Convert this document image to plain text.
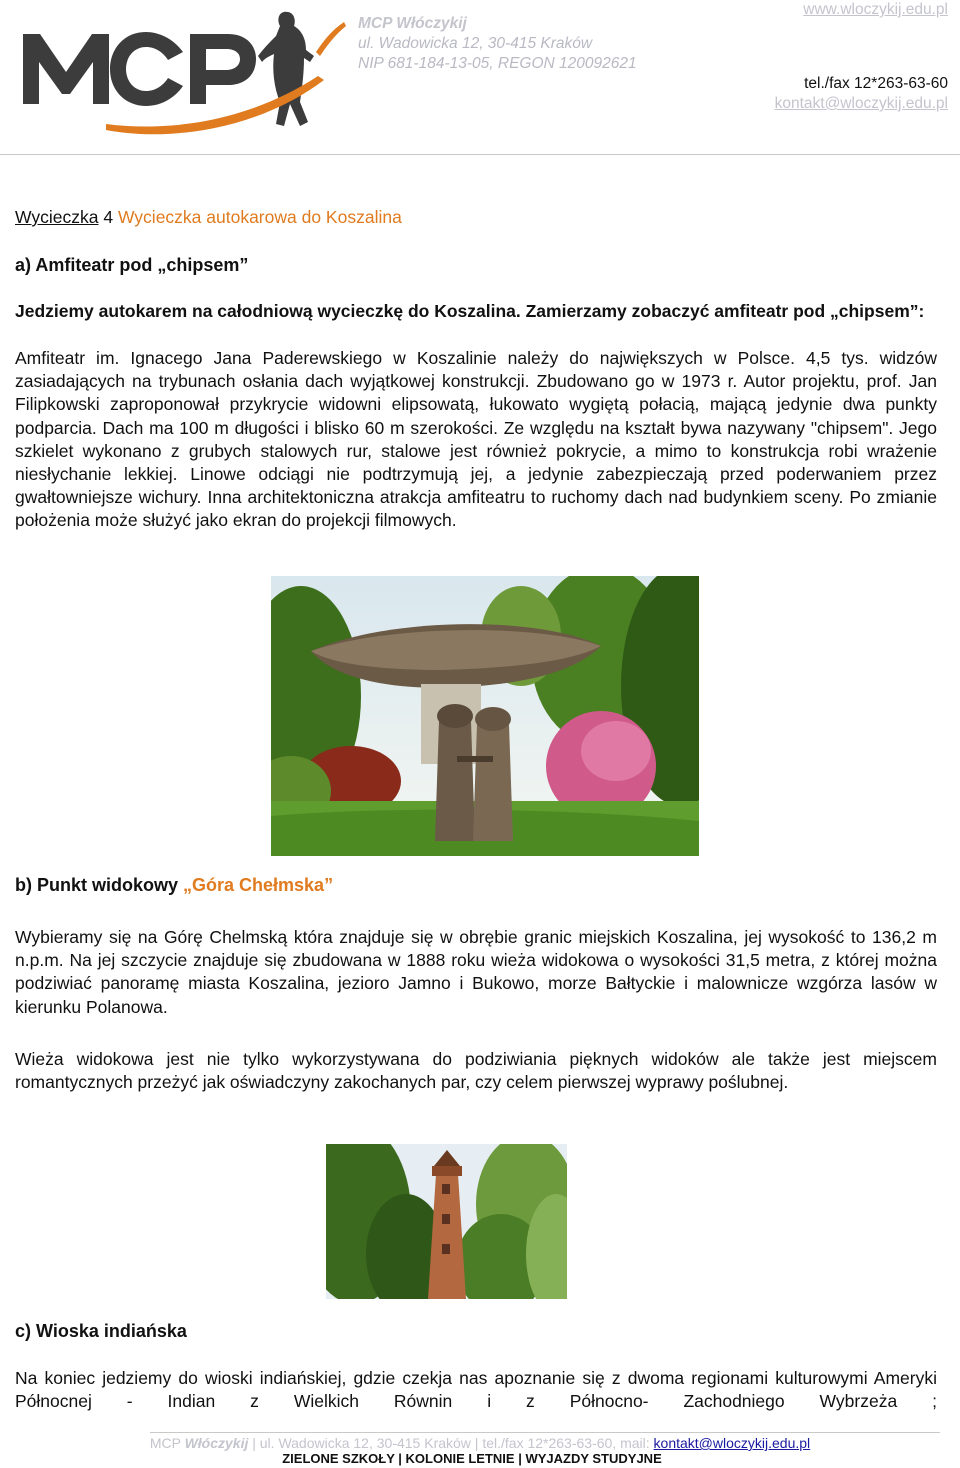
MCP Włóczykij
ul. Wadowicka 12, 30-415 Kraków
NIP 681-184-13-05, REGON 120092621
www.wloczykij.edu.pl
tel./fax 12*263-63-60
kontakt@wloczykij.edu.pl
Wycieczka 4 Wycieczka autokarowa do Koszalina
a) Amfiteatr pod „chipsem”
Jedziemy autokarem na całodniową wycieczkę do Koszalina. Zamierzamy zobaczyć amfiteatr pod „chipsem”:
Amfiteatr im. Ignacego Jana Paderewskiego w Koszalinie należy do największych w Polsce. 4,5 tys. widzów zasiadających na trybunach osłania dach wyjątkowej konstrukcji. Zbudowano go w 1973 r. Autor projektu, prof. Jan Filipkowski zaproponował przykrycie widowni elipsowatą, łukowato wygiętą połacią, mającą jedynie dwa punkty podparcia. Dach ma 100 m długości i blisko 60 m szerokości. Ze względu na kształt bywa nazywany "chipsem". Jego szkielet wykonano z grubych stalowych rur, stalowe jest również pokrycie, a mimo to konstrukcja robi wrażenie niesłychanie lekkiej. Linowe odciągi nie podtrzymują jej, a jedynie zabezpieczają przed poderwaniem przez gwałtowniejsze wichury. Inna architektoniczna atrakcja amfiteatru to ruchomy dach nad budynkiem sceny. Po zmianie położenia może służyć jako ekran do projekcji filmowych.
b) Punkt widokowy „Góra Chełmska”
Wybieramy się na Górę Chelmską która znajduje się w obrębie granic miejskich Koszalina, jej wysokość to 136,2 m n.p.m. Na jej szczycie znajduje się zbudowana w 1888 roku wieża widokowa o wysokości 31,5 metra, z której można podziwiać panoramę miasta Koszalina, jezioro Jamno i Bukowo, morze Bałtyckie i malownicze wzgórza lasów w kierunku Polanowa.
Wieża widokowa jest nie tylko wykorzystywana do podziwiania pięknych widoków ale także jest miejscem romantycznych przeżyć jak oświadczyny zakochanych par, czy celem pierwszej wyprawy poślubnej.
c) Wioska indiańska
Na koniec jedziemy do wioski indiańskiej, gdzie czekja nas apoznanie się z dwoma regionami kulturowymi Ameryki Północnej - Indian z Wielkich Równin i z Północno- Zachodniego Wybrzeża ;
MCP Włóczykij | ul. Wadowicka 12, 30-415 Kraków | tel./fax 12*263-63-60, mail: kontakt@wloczykij.edu.pl
ZIELONE SZKOŁY | KOLONIE LETNIE | WYJAZDY STUDYJNE
